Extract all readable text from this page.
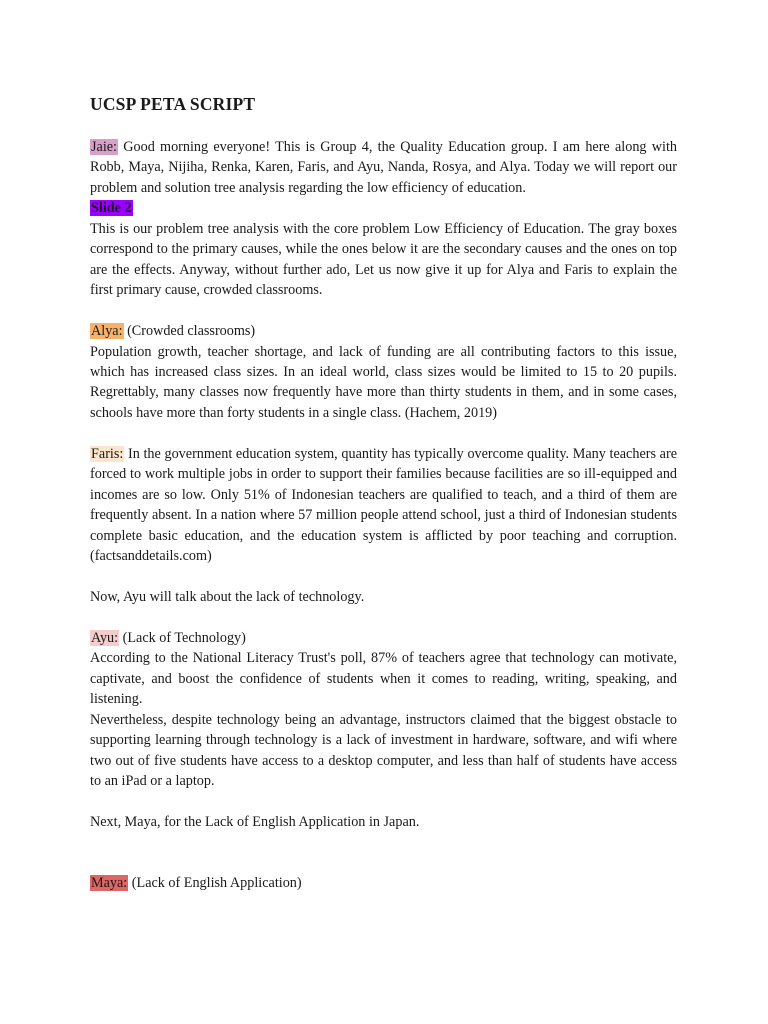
UCSP PETA SCRIPT

Jaie: Good morning everyone! This is Group 4, the Quality Education group. I am here along with Robb, Maya, Nijiha, Renka, Karen, Faris, and Ayu, Nanda, Rosya, and Alya. Today we will report our problem and solution tree analysis regarding the low efficiency of education.

Slide 2

This is our problem tree analysis with the core problem Low Efficiency of Education. The gray boxes correspond to the primary causes, while the ones below it are the secondary causes and the ones on top are the effects. Anyway, without further ado, Let us now give it up for Alya and Faris to explain the first primary cause, crowded classrooms.

Alya: (Crowded classrooms)

Population growth, teacher shortage, and lack of funding are all contributing factors to this issue, which has increased class sizes. In an ideal world, class sizes would be limited to 15 to 20 pupils. Regrettably, many classes now frequently have more than thirty students in them, and in some cases, schools have more than forty students in a single class. (Hachem, 2019)

Faris: In the government education system, quantity has typically overcome quality. Many teachers are forced to work multiple jobs in order to support their families because facilities are so ill-equipped and incomes are so low. Only 51% of Indonesian teachers are qualified to teach, and a third of them are frequently absent. In a nation where 57 million people attend school, just a third of Indonesian students complete basic education, and the education system is afflicted by poor teaching and corruption. (factsanddetails.com)

Now, Ayu will talk about the lack of technology.

Ayu: (Lack of Technology)

According to the National Literacy Trust's poll, 87% of teachers agree that technology can motivate, captivate, and boost the confidence of students when it comes to reading, writing, speaking, and listening.

Nevertheless, despite technology being an advantage, instructors claimed that the biggest obstacle to supporting learning through technology is a lack of investment in hardware, software, and wifi where two out of five students have access to a desktop computer, and less than half of students have access to an iPad or a laptop.

Next, Maya, for the Lack of English Application in Japan.

Maya: (Lack of English Application)
